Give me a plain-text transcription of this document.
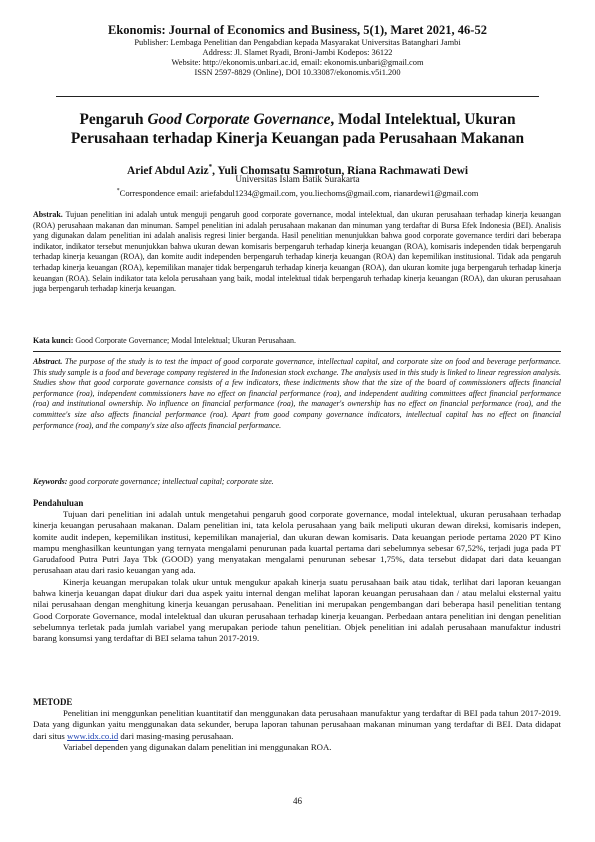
Ekonomis: Journal of Economics and Business, 5(1), Maret 2021, 46-52
Publisher: Lembaga Penelitian dan Pengabdian kepada Masyarakat Universitas Batanghari Jambi
Address: Jl. Slamet Ryadi, Broni-Jambi Kodepos: 36122
Website: http://ekonomis.unbari.ac.id, email: ekonomis.unbari@gmail.com
ISSN 2597-8829 (Online), DOI 10.33087/ekonomis.v5i1.200
Pengaruh Good Corporate Governance, Modal Intelektual, Ukuran Perusahaan terhadap Kinerja Keuangan pada Perusahaan Makanan
Arief Abdul Aziz*, Yuli Chomsatu Samrotun, Riana Rachmawati Dewi
Universitas Islam Batik Surakarta
*Correspondence email: ariefabdul1234@gmail.com, you.liechoms@gmail.com, rianardewi1@gmail.com
Abstrak. Tujuan penelitian ini adalah untuk menguji pengaruh good corporate governance, modal intelektual, dan ukuran perusahaan terhadap kinerja keuangan (ROA) perusahaan makanan dan minuman. Sampel penelitian ini adalah perusahaan makanan dan minuman yang terdaftar di Bursa Efek Indonesia (BEI). Analisis yang digunakan dalam penelitian ini adalah analisis regresi linier berganda. Hasil penelitian menunjukkan bahwa good corporate governance terdiri dari beberapa indikator, indikator tersebut menunjukkan bahwa ukuran dewan komisaris berpengaruh terhadap kinerja keuangan (ROA), komisaris independen tidak berpengaruh terhadap kinerja keuangan (ROA), dan komite audit independen berpengaruh terhadap kinerja keuangan (ROA) dan kepemilikan institusional. Tidak ada pengaruh terhadap kinerja keuangan (ROA), kepemilikan manajer tidak berpengaruh terhadap kinerja keuangan (ROA), dan ukuran komite juga berpengaruh terhadap kinerja keuangan (ROA). Selain indikator tata kelola perusahaan yang baik, modal intelektual tidak berpengaruh terhadap kinerja keuangan (ROA), dan ukuran perusahaan juga berpengaruh terhadap kinerja keuangan.
Kata kunci: Good Corporate Governance; Modal Intelektual; Ukuran Perusahaan.
Abstract. The purpose of the study is to test the impact of good corporate governance, intellectual capital, and corporate size on food and beverage performance. This study sample is a food and beverage company registered in the Indonesian stock exchange. The analysis used in this study is linked to linear regression analysis. Studies show that good corporate governance consists of a few indicators, these indictments show that the size of the board of commissioners affects financial performance (roa), independent commissioners have no effect on financial performance (roa), and independent auditing committees affect financial performance (roa) and institutional ownership. No influence on financial performance (roa), the manager's ownership has no effect on financial performance (roa), and the committee's size also affects financial performance (roa). Apart from good company governance indicators, intellectual capital has no effect on financial performance (roa), and the company's size also affects financial performance.
Keywords: good corporate governance; intellectual capital; corporate size.
Pendahuluan

Tujuan dari penelitian ini adalah untuk mengetahui pengaruh good corporate governance, modal intelektual, ukuran perusahaan terhadap kinerja keuangan perusahaan makanan. Dalam penelitian ini, tata kelola perusahaan yang baik meliputi ukuran dewan direksi, komisaris indepen, komite audit indepen, kepemilikan institusi, kepemilikan manajerial, dan ukuran dewan komisaris. Data keuangan periode pertama 2020 PT Kino mampu menghasilkan keuntungan yang ternyata mengalami penurunan pada kuartal pertama dari sebelumnya sebesar 67,52%, terjadi juga pada PT Garudafood Putra Putri Jaya Tbk (GOOD) yang menyatakan mengalami penurunan sebesar 1,75%, data tersebut didapat dari data keuangan perusahaan atau dari rasio keuangan yang ada.

Kinerja keuangan merupakan tolak ukur untuk mengukur apakah kinerja suatu perusahaan baik atau tidak, terlihat dari laporan keuangan bahwa kinerja keuangan dapat diukur dari dua aspek yaitu internal dengan melihat laporan keuangan perusahaan dan / atau melalui eksternal yaitu nilai perusahaan dengan menghitung kinerja keuangan perusahaan. Penelitian ini merupakan pengembangan dari beberapa hasil penelitian tentang Good Corporate Governance, modal intelektual dan ukuran perusahaan terhadap kinerja keuangan. Perbedaan antara penelitian ini dengan penelitian sebelumnya terletak pada jumlah variabel yang merupakan periode tahun penelitian. Objek penelitian ini adalah perusahaan manufaktur industri barang konsumsi yang terdaftar di BEI selama tahun 2017-2019.

METODE

Penelitian ini menggunkan penelitian kuantitatif dan menggunakan data perusahaan manufaktur yang terdaftar di BEI pada tahun 2017-2019. Data yang digunkan yaitu menggunakan data sekunder, berupa laporan tahunan perusahaan makanan minuman yang terdaftar di BEI. Data didapat dari situs www.idx.co.id dari masing-masing perusahaan.

Variabel dependen yang digunakan dalam penelitian ini menggunakan ROA.

46
